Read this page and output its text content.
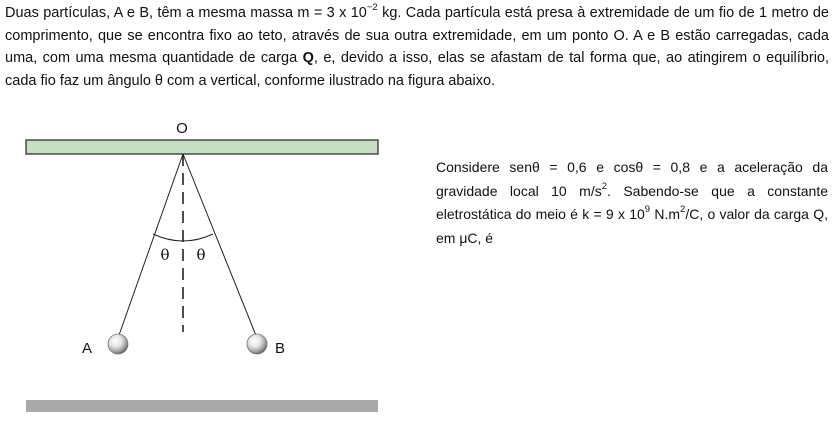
Duas partículas, A e B, têm a mesma massa m = 3 x $10^{-2}$ kg. Cada partícula está presa à extremidade de um fio de 1 metro de comprimento, que se encontra fixo ao teto, através de sua outra extremidade, em um ponto O. A e B estão carregadas, cada uma, com uma mesma quantidade de carga Q, e, devido a isso, elas se afastam de tal forma que, ao atingirem o equilíbrio, cada fio faz um ângulo θ com a vertical, conforme ilustrado na figura abaixo.

O
θ θ
A	B

Considere senθ = 0,6 e cosθ = 0,8 e a aceleração da gravidade local 10 $m/s^2$. Sabendo-se que a constante eletrostática do meio é k = 9 x $10^9$ $N.m^2/C$, o valor da carga Q, em μC, é
